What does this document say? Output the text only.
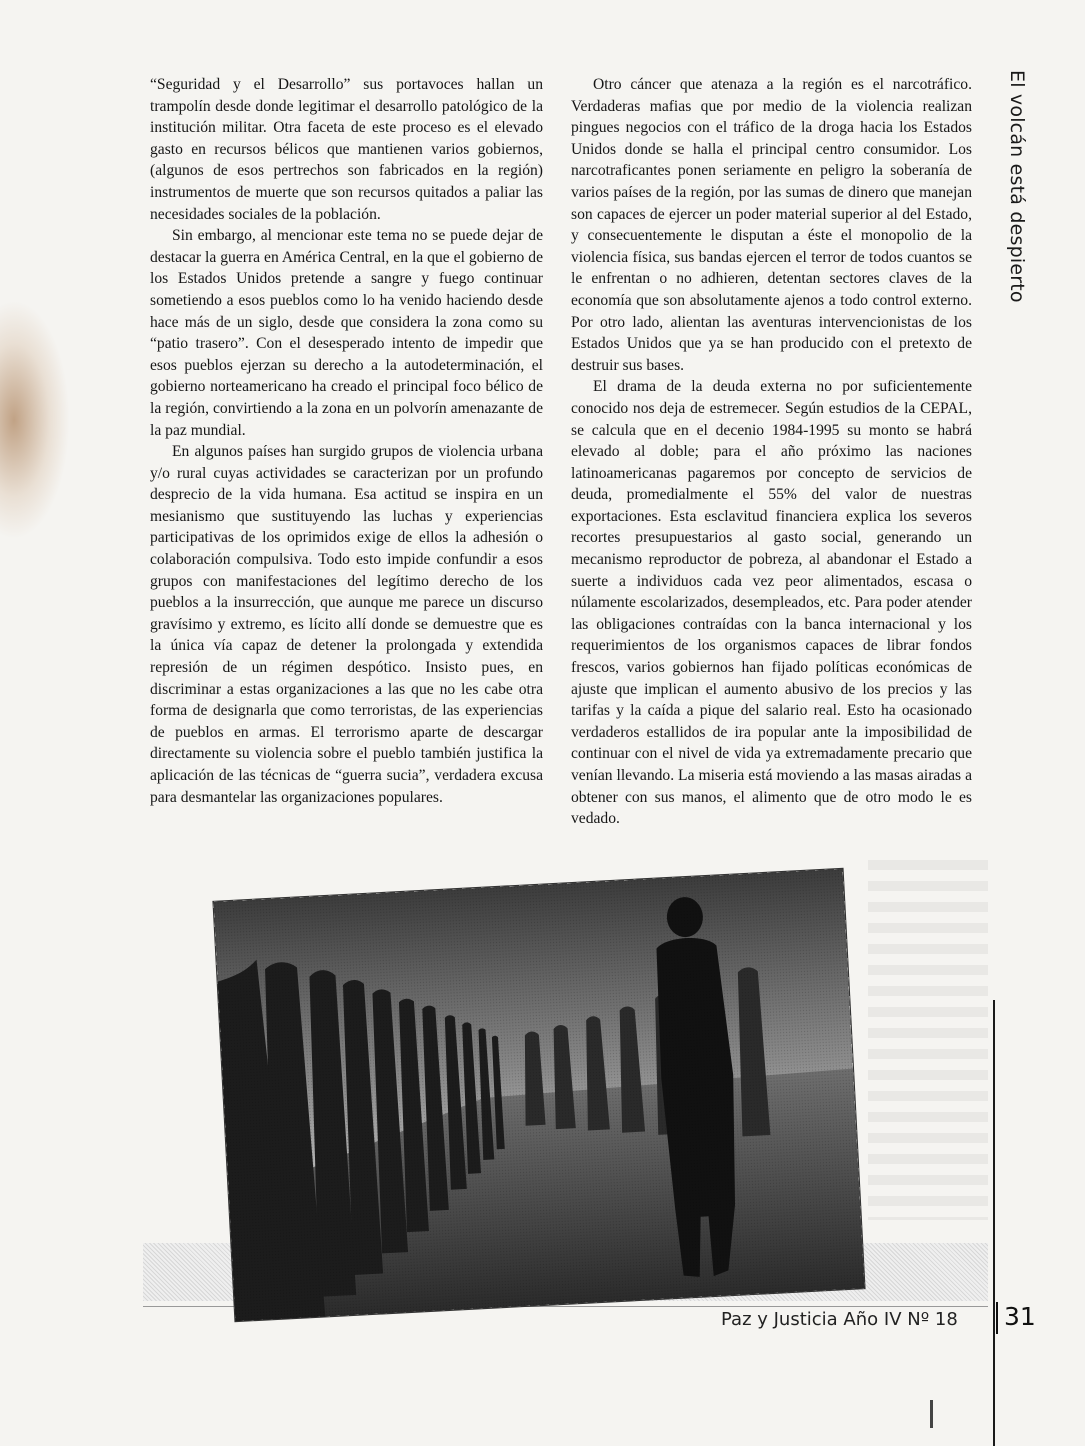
“Seguridad y el Desarrollo” sus portavoces hallan un trampolín desde donde legitimar el desarrollo patológico de la institución militar. Otra faceta de este proceso es el elevado gasto en recursos bélicos que mantienen varios gobiernos, (algunos de esos pertrechos son fabricados en la región) instrumentos de muerte que son recursos quitados a paliar las necesidades sociales de la población.

Sin embargo, al mencionar este tema no se puede dejar de destacar la guerra en América Central, en la que el gobierno de los Estados Unidos pretende a sangre y fuego continuar sometiendo a esos pueblos como lo ha venido haciendo desde hace más de un siglo, desde que considera la zona como su “patio trasero”. Con el desesperado intento de impedir que esos pueblos ejerzan su derecho a la autodeterminación, el gobierno norteamericano ha creado el principal foco bélico de la región, convirtiendo a la zona en un polvorín amenazante de la paz mundial.

En algunos países han surgido grupos de violencia urbana y/o rural cuyas actividades se caracterizan por un profundo desprecio de la vida humana. Esa actitud se inspira en un mesianismo que sustituyendo las luchas y experiencias participativas de los oprimidos exige de ellos la adhesión o colaboración compulsiva. Todo esto impide confundir a esos grupos con manifestaciones del legítimo derecho de los pueblos a la insurrección, que aunque me parece un discurso gravísimo y extremo, es lícito allí donde se demuestre que es la única vía capaz de detener la prolongada y extendida represión de un régimen despótico. Insisto pues, en discriminar a estas organizaciones a las que no les cabe otra forma de designarla que como terroristas, de las experiencias de pueblos en armas. El terrorismo aparte de descargar directamente su violencia sobre el pueblo también justifica la aplicación de las técnicas de “guerra sucia”, verdadera excusa para desmantelar las organizaciones populares.

Otro cáncer que atenaza a la región es el narcotráfico. Verdaderas mafias que por medio de la violencia realizan pingues negocios con el tráfico de la droga hacia los Estados Unidos donde se halla el principal centro consumidor. Los narcotraficantes ponen seriamente en peligro la soberanía de varios países de la región, por las sumas de dinero que manejan son capaces de ejercer un poder material superior al del Estado, y consecuentemente le disputan a éste el monopolio de la violencia física, sus bandas ejercen el terror de todos cuantos se le enfrentan o no adhieren, detentan sectores claves de la economía que son absolutamente ajenos a todo control externo. Por otro lado, alientan las aventuras intervencionistas de los Estados Unidos que ya se han producido con el pretexto de destruir sus bases.

El drama de la deuda externa no por suficientemente conocido nos deja de estremecer. Según estudios de la CEPAL, se calcula que en el decenio 1984-1995 su monto se habrá elevado al doble; para el año próximo las naciones latinoamericanas pagaremos por concepto de servicios de deuda, promedialmente el 55% del valor de nuestras exportaciones. Esta esclavitud financiera explica los severos recortes presupuestarios al gasto social, generando un mecanismo reproductor de pobreza, al abandonar el Estado a suerte a individuos cada vez peor alimentados, escasa o núlamente escolarizados, desempleados, etc. Para poder atender las obligaciones contraídas con la banca internacional y los requerimientos de los organismos capaces de librar fondos frescos, varios gobiernos han fijado políticas económicas de ajuste que implican el aumento abusivo de los precios y las tarifas y la caída a pique del salario real. Esto ha ocasionado verdaderos estallidos de ira popular ante la imposibilidad de continuar con el nivel de vida ya extremadamente precario que venían llevando. La miseria está moviendo a las masas airadas a obtener con sus manos, el alimento que de otro modo le es vedado.

El volcán está despierto
Paz y Justicia Año IV Nº 18 31
